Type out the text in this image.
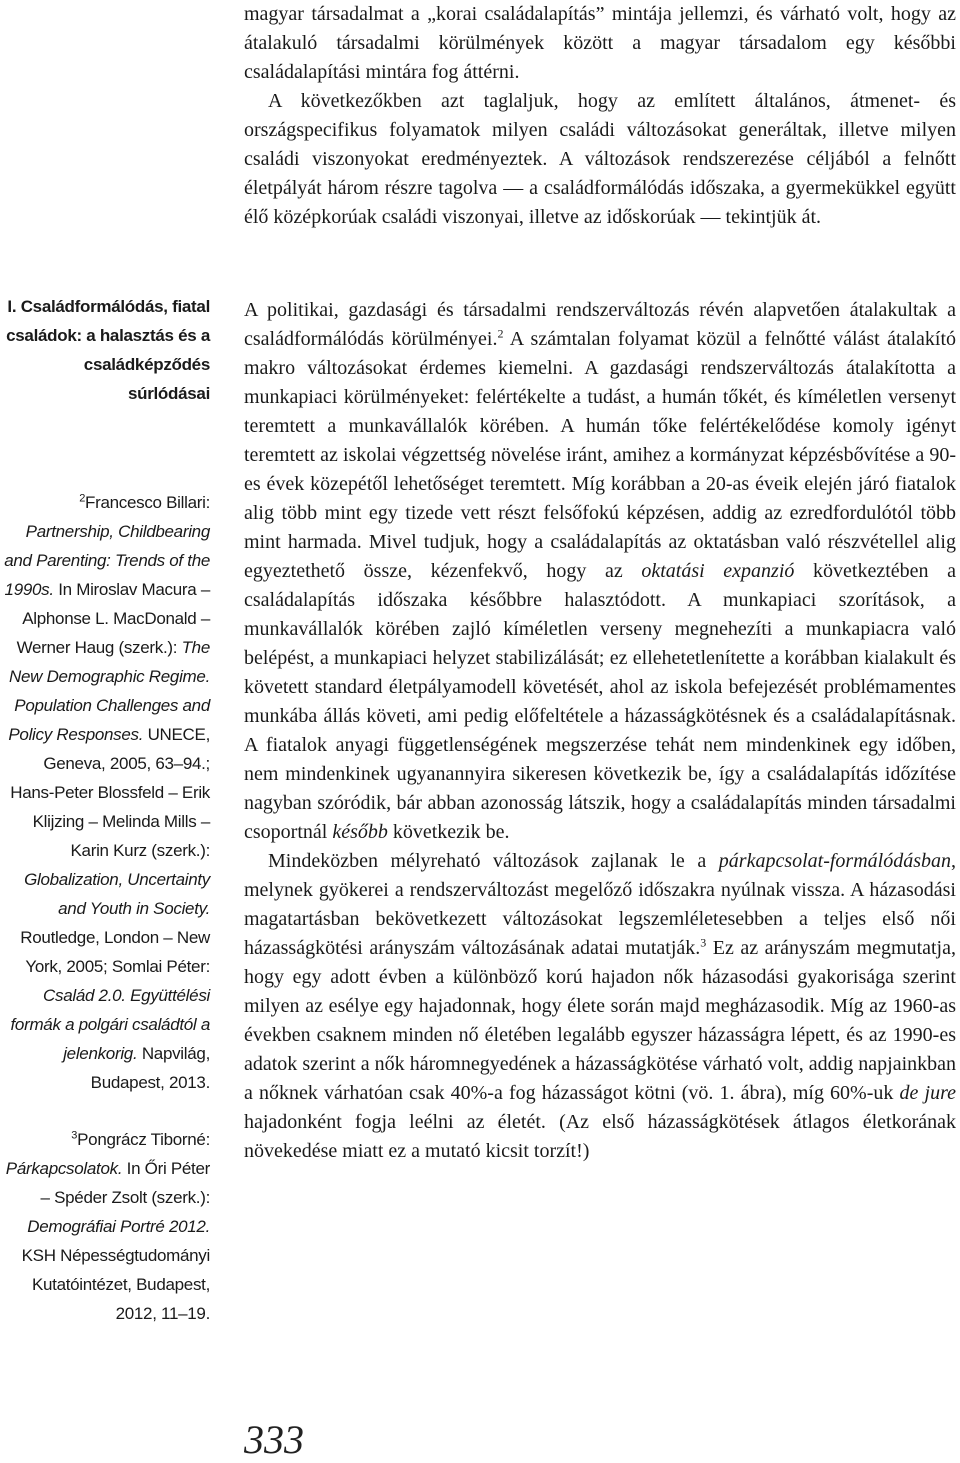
magyar társadalmat a „korai családalapítás” mintája jellemzi, és várható volt, hogy az átalakuló társadalmi körülmények között a magyar társadalom egy későbbi családalapítási mintára fog áttérni.

A következőkben azt taglaljuk, hogy az említett általános, átmenet- és országspecifikus folyamatok milyen családi változásokat generáltak, illetve milyen családi viszonyokat eredményeztek. A változások rendszerezése céljából a felnőtt életpályát három részre tagolva — a családformálódás időszaka, a gyermekükkel együtt élő középkorúak családi viszonyai, illetve az időskorúak — tekintjük át.

I. Családformálódás, fiatal családok: a halasztás és a családképződés súrlódásai

$^2$Francesco Billari: Partnership, Childbearing and Parenting: Trends of the 1990s. In Miroslav Macura – Alphonse L. MacDonald – Werner Haug (szerk.): The New Demographic Regime. Population Challenges and Policy Responses. UNECE, Geneva, 2005, 63–94.; Hans-Peter Blossfeld – Erik Klijzing – Melinda Mills – Karin Kurz (szerk.): Globalization, Uncertainty and Youth in Society. Routledge, London – New York, 2005; Somlai Péter: Család 2.0. Együttélési formák a polgári családtól a jelenkorig. Napvilág, Budapest, 2013.

$^3$Pongrácz Tiborné: Párkapcsolatok. In Őri Péter – Spéder Zsolt (szerk.): Demográfiai Portré 2012. KSH Népességtudományi Kutatóintézet, Budapest, 2012, 11–19.

A politikai, gazdasági és társadalmi rendszerváltozás révén alapvetően átalakultak a családformálódás körülményei.$^2$ A számtalan folyamat közül a felnőtté válást átalakító makro változásokat érdemes kiemelni. A gazdasági rendszerváltozás átalakította a munkapiaci körülményeket: felértékelte a tudást, a humán tőkét, és kíméletlen versenyt teremtett a munkavállalók körében. A humán tőke felértékelődése komoly igényt teremtett az iskolai végzettség növelése iránt, amihez a kormányzat képzésbővítése a 90-es évek közepétől lehetőséget teremtett. Míg korábban a 20-as éveik elején járó fiatalok alig több mint egy tizede vett részt felsőfokú képzésen, addig az ezredfordulótól több mint harmada. Mivel tudjuk, hogy a családalapítás az oktatásban való részvétellel alig egyeztethető össze, kézenfekvő, hogy az oktatási expanzió következtében a családalapítás időszaka későbbre halasztódott. A munkapiaci szorítások, a munkavállalók körében zajló kíméletlen verseny megnehezíti a munkapiacra való belépést, a munkapiaci helyzet stabilizálását; ez ellehetetlenítette a korábban kialakult és követett standard életpályamodell követését, ahol az iskola befejezését problémamentes munkába állás követi, ami pedig előfeltétele a házasságkötésnek és a családalapításnak. A fiatalok anyagi függetlenségének megszerzése tehát nem mindenkinek egy időben, nem mindenkinek ugyanannyira sikeresen következik be, így a családalapítás időzítése nagyban szóródik, bár abban azonosság látszik, hogy a családalapítás minden társadalmi csoportnál később következik be.

Mindeközben mélyreható változások zajlanak le a párkapcsolat-formálódásban, melynek gyökerei a rendszerváltozást megelőző időszakra nyúlnak vissza. A házasodási magatartásban bekövetkezett változásokat legszemléletesebben a teljes első női házasságkötési arányszám változásának adatai mutatják.$^3$ Ez az arányszám megmutatja, hogy egy adott évben a különböző korú hajadon nők házasodási gyakorisága szerint milyen az esélye egy hajadonnak, hogy élete során majd megházasodik. Míg az 1960-as években csaknem minden nő életében legalább egyszer házasságra lépett, és az 1990-es adatok szerint a nők háromnegyedének a házasságkötése várható volt, addig napjainkban a nőknek várhatóan csak 40%-a fog házasságot kötni (vö. 1. ábra), míg 60%-uk de jure hajadonként fogja leélni az életét. (Az első házasságkötések átlagos életkorának növekedése miatt ez a mutató kicsit torzít!)

333
